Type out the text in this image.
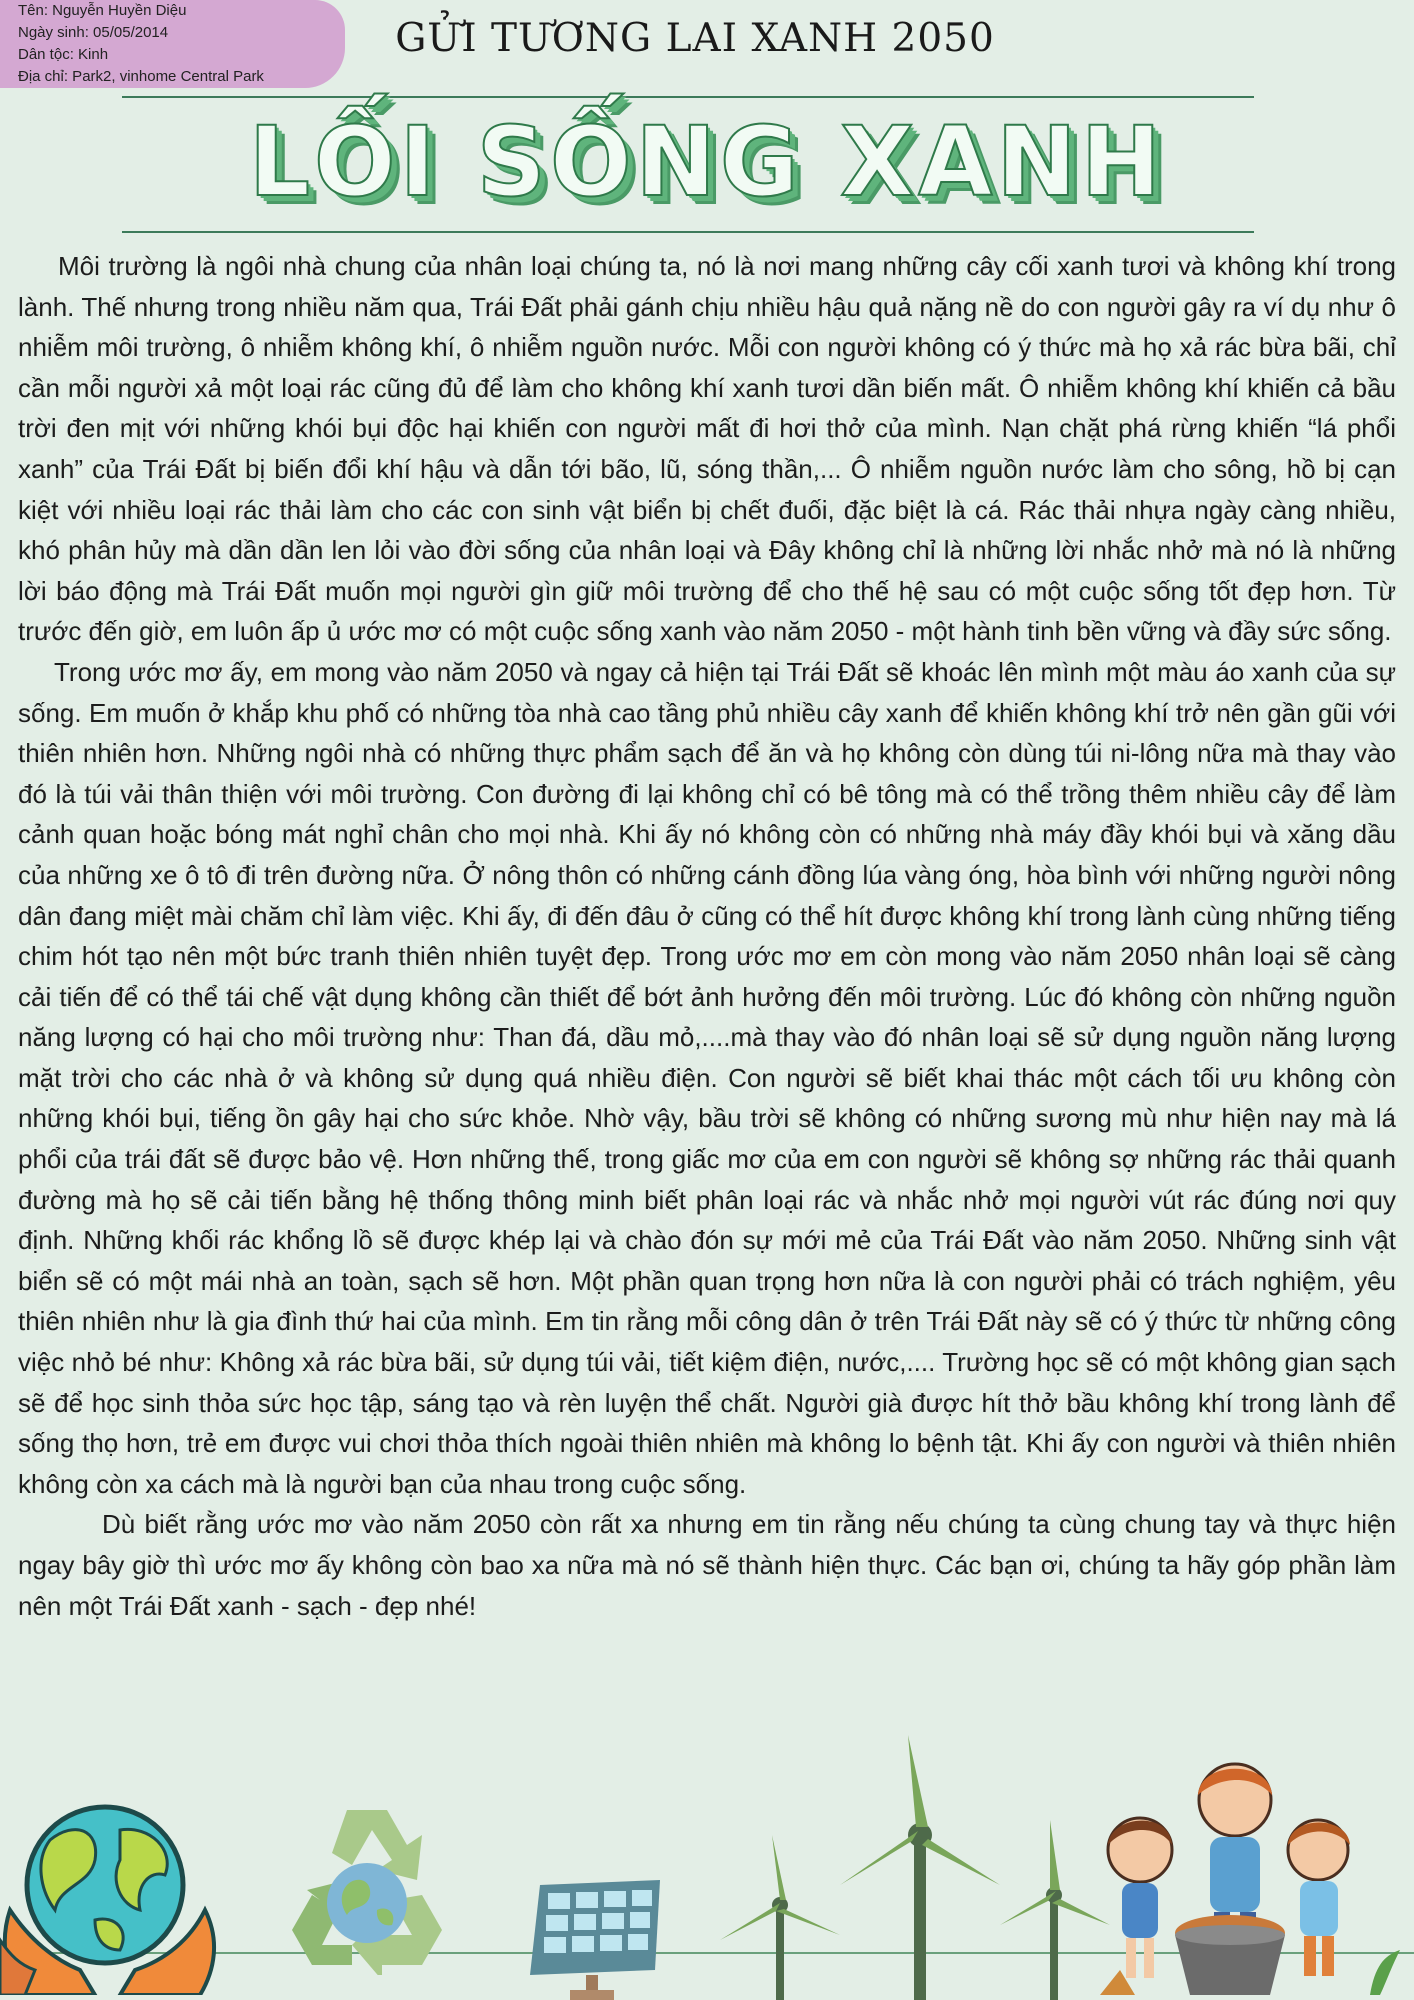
Tên: Nguyễn Huyền Diệu
Ngày sinh: 05/05/2014
Dân tộc: Kinh
Địa chỉ: Park2, vinhome Central Park
GỬI TƯƠNG LAI XANH 2050
LỐI SỐNG XANH

Môi trường là ngôi nhà chung của nhân loại chúng ta, nó là nơi mang những cây cối xanh tươi và không khí trong lành. Thế nhưng trong nhiều năm qua, Trái Đất phải gánh chịu nhiều hậu quả nặng nề do con người gây ra ví dụ như ô nhiễm môi trường, ô nhiễm không khí, ô nhiễm nguồn nước. Mỗi con người không có ý thức mà họ xả rác bừa bãi, chỉ cần mỗi người xả một loại rác cũng đủ để làm cho không khí xanh tươi dần biến mất. Ô nhiễm không khí khiến cả bầu trời đen mịt với những khói bụi độc hại khiến con người mất đi hơi thở của mình. Nạn chặt phá rừng khiến “lá phổi xanh” của Trái Đất bị biến đổi khí hậu và dẫn tới bão, lũ, sóng thần,... Ô nhiễm nguồn nước làm cho sông, hồ bị cạn kiệt với nhiều loại rác thải làm cho các con sinh vật biển bị chết đuối, đặc biệt là cá. Rác thải nhựa ngày càng nhiều, khó phân hủy mà dần dần len lỏi vào đời sống của nhân loại và Đây không chỉ là những lời nhắc nhở mà nó là những lời báo động mà Trái Đất muốn mọi người gìn giữ môi trường để cho thế hệ sau có một cuộc sống tốt đẹp hơn. Từ trước đến giờ, em luôn ấp ủ ước mơ có một cuộc sống xanh vào năm 2050 - một hành tinh bền vững và đầy sức sống.

Trong ước mơ ấy, em mong vào năm 2050 và ngay cả hiện tại Trái Đất sẽ khoác lên mình một màu áo xanh của sự sống. Em muốn ở khắp khu phố có những tòa nhà cao tầng phủ nhiều cây xanh để khiến không khí trở nên gần gũi với thiên nhiên hơn. Những ngôi nhà có những thực phẩm sạch để ăn và họ không còn dùng túi ni-lông nữa mà thay vào đó là túi vải thân thiện với môi trường. Con đường đi lại không chỉ có bê tông mà có thể trồng thêm nhiều cây để làm cảnh quan hoặc bóng mát nghỉ chân cho mọi nhà. Khi ấy nó không còn có những nhà máy đầy khói bụi và xăng dầu của những xe ô tô đi trên đường nữa. Ở nông thôn có những cánh đồng lúa vàng óng, hòa bình với những người nông dân đang miệt mài chăm chỉ làm việc. Khi ấy, đi đến đâu ở cũng có thể hít được không khí trong lành cùng những tiếng chim hót tạo nên một bức tranh thiên nhiên tuyệt đẹp. Trong ước mơ em còn mong vào năm 2050 nhân loại sẽ càng cải tiến để có thể tái chế vật dụng không cần thiết để bớt ảnh hưởng đến môi trường. Lúc đó không còn những nguồn năng lượng có hại cho môi trường như: Than đá, dầu mỏ,....mà thay vào đó nhân loại sẽ sử dụng nguồn năng lượng mặt trời cho các nhà ở và không sử dụng quá nhiều điện. Con người sẽ biết khai thác một cách tối ưu không còn những khói bụi, tiếng ồn gây hại cho sức khỏe. Nhờ vậy, bầu trời sẽ không có những sương mù như hiện nay mà lá phổi của trái đất sẽ được bảo vệ. Hơn những thế, trong giấc mơ của em con người sẽ không sợ những rác thải quanh đường mà họ sẽ cải tiến bằng hệ thống thông minh biết phân loại rác và nhắc nhở mọi người vút rác đúng nơi quy định. Những khối rác khổng lồ sẽ được khép lại và chào đón sự mới mẻ của Trái Đất vào năm 2050. Những sinh vật biển sẽ có một mái nhà an toàn, sạch sẽ hơn. Một phần quan trọng hơn nữa là con người phải có trách nghiệm, yêu thiên nhiên như là gia đình thứ hai của mình. Em tin rằng mỗi công dân ở trên Trái Đất này sẽ có ý thức từ những công việc nhỏ bé như: Không xả rác bừa bãi, sử dụng túi vải, tiết kiệm điện, nước,.... Trường học sẽ có một không gian sạch sẽ để học sinh thỏa sức học tập, sáng tạo và rèn luyện thể chất. Người già được hít thở bầu không khí trong lành để sống thọ hơn, trẻ em được vui chơi thỏa thích ngoài thiên nhiên mà không lo bệnh tật. Khi ấy con người và thiên nhiên không còn xa cách mà là người bạn của nhau trong cuộc sống.

Dù biết rằng ước mơ vào năm 2050 còn rất xa nhưng em tin rằng nếu chúng ta cùng chung tay và thực hiện ngay bây giờ thì ước mơ ấy không còn bao xa nữa mà nó sẽ thành hiện thực. Các bạn ơi, chúng ta hãy góp phần làm nên một Trái Đất xanh - sạch - đẹp nhé!
